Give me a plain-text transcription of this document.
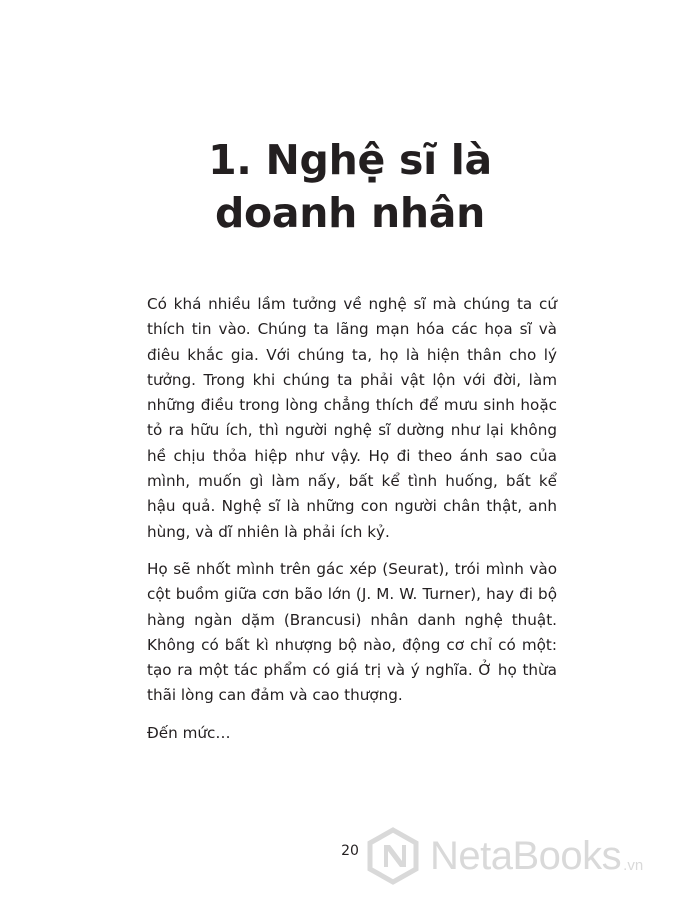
1. Nghệ sĩ là
doanh nhân

Có khá nhiều lầm tưởng về nghệ sĩ mà chúng ta cứ thích tin vào. Chúng ta lãng mạn hóa các họa sĩ và điêu khắc gia. Với chúng ta, họ là hiện thân cho lý tưởng. Trong khi chúng ta phải vật lộn với đời, làm những điều trong lòng chẳng thích để mưu sinh hoặc tỏ ra hữu ích, thì người nghệ sĩ dường như lại không hề chịu thỏa hiệp như vậy. Họ đi theo ánh sao của mình, muốn gì làm nấy, bất kể tình huống, bất kể hậu quả. Nghệ sĩ là những con người chân thật, anh hùng, và dĩ nhiên là phải ích kỷ.

Họ sẽ nhốt mình trên gác xép (Seurat), trói mình vào cột buồm giữa cơn bão lớn (J. M. W. Turner), hay đi bộ hàng ngàn dặm (Brancusi) nhân danh nghệ thuật. Không có bất kì nhượng bộ nào, động cơ chỉ có một: tạo ra một tác phẩm có giá trị và ý nghĩa. Ở họ thừa thãi lòng can đảm và cao thượng.

Đến mức…

20	NetaBooks .vn
